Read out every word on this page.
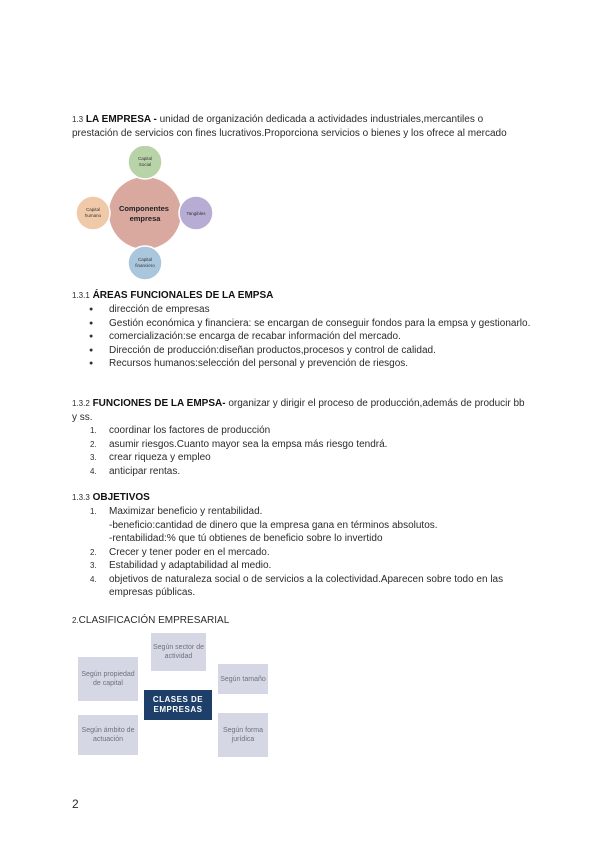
1.3 LA EMPRESA - unidad de organización dedicada a actividades industriales,mercantiles o prestación de servicios con fines lucrativos.Proporciona servicios o bienes y los ofrece al mercado
Componentes empresa
Capital Social
Tangibles
Capital financiero
Capital humano
1.3.1 ÁREAS FUNCIONALES DE LA EMPSA
● dirección de empresas
● Gestión económica y financiera: se encargan de conseguir fondos para la empsa y gestionarlo.
● comercialización:se encarga de recabar información del mercado.
● Dirección de producción:diseñan productos,procesos y control de calidad.
● Recursos humanos:selección del personal y prevención de riesgos.
1.3.2 FUNCIONES DE LA EMPSA- organizar y dirigir el proceso de producción,además de producir bb y ss.
1. coordinar los factores de producción
2. asumir riesgos.Cuanto mayor sea la empsa más riesgo tendrá.
3. crear riqueza y empleo
4. anticipar rentas.
1.3.3 OBJETIVOS
1. Maximizar beneficio y rentabilidad.
-beneficio:cantidad de dinero que la empresa gana en términos absolutos.
-rentabilidad:% que tú obtienes de beneficio sobre lo invertido
2. Crecer y tener poder en el mercado.
3. Estabilidad y adaptabilidad al medio.
4. objetivos de naturaleza social o de servicios a la colectividad.Aparecen sobre todo en las empresas públicas.
2.CLASIFICACIÓN EMPRESARIAL
CLASES DE EMPRESAS
Según sector de actividad
Según tamaño
Según forma jurídica
Según ámbito de actuación
Según propiedad de capital
2
